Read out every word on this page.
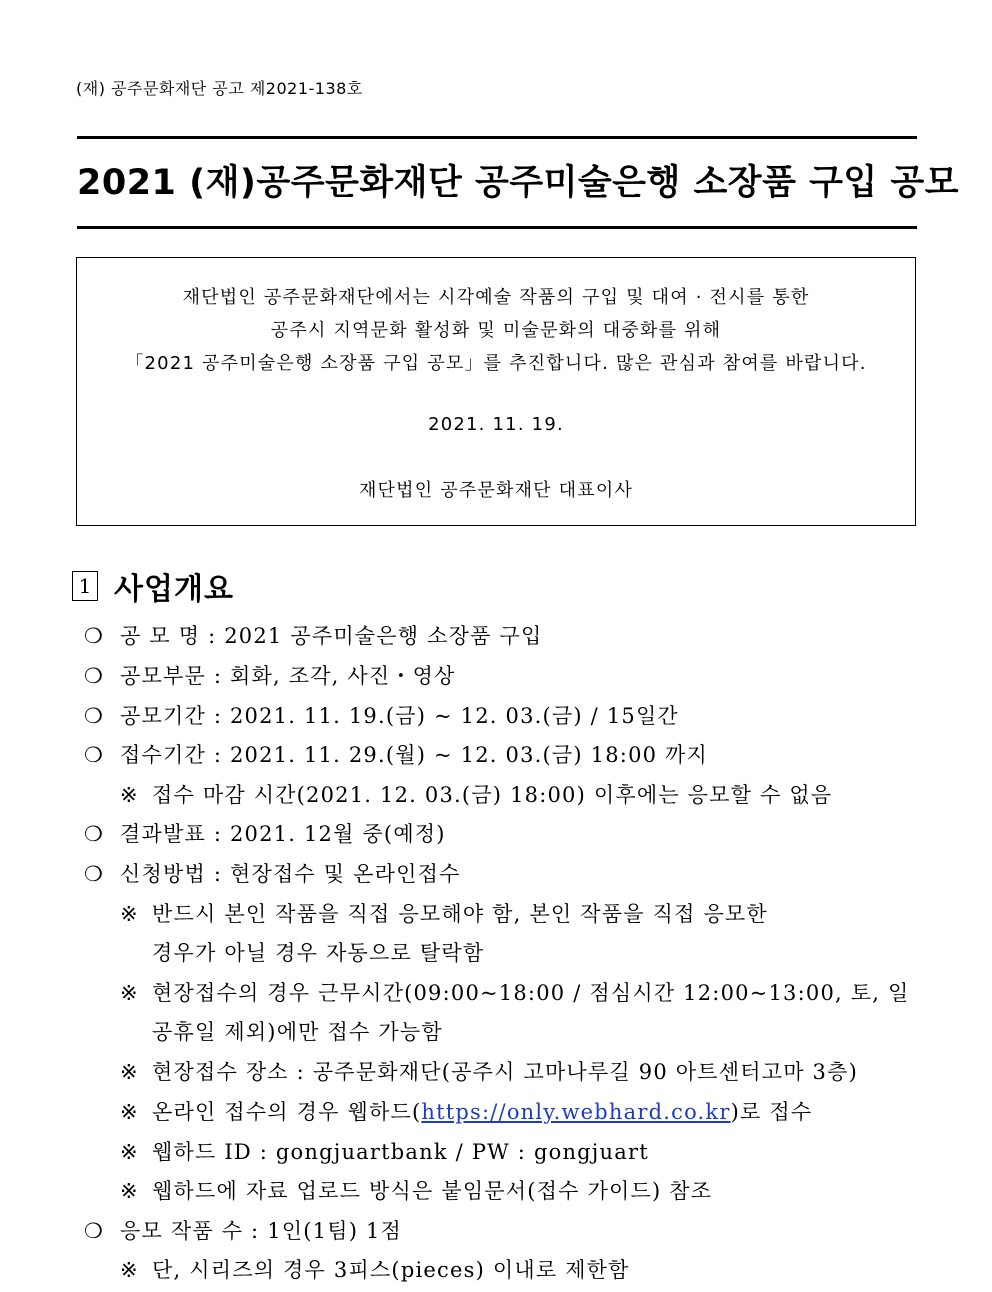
(재) 공주문화재단 공고 제2021-138호
2021 (재)공주문화재단 공주미술은행 소장품 구입 공모
재단법인 공주문화재단에서는 시각예술 작품의 구입 및 대여 · 전시를 통한
공주시 지역문화 활성화 및 미술문화의 대중화를 위해
「2021 공주미술은행 소장품 구입 공모」를 추진합니다. 많은 관심과 참여를 바랍니다.
2021. 11. 19.
재단법인 공주문화재단 대표이사
1 사업개요
❍ 공 모 명 : 2021 공주미술은행 소장품 구입
❍ 공모부문 : 회화, 조각, 사진・영상
❍ 공모기간 : 2021. 11. 19.(금) ~ 12. 03.(금) / 15일간
❍ 접수기간 : 2021. 11. 29.(월) ~ 12. 03.(금) 18:00 까지
※ 접수 마감 시간(2021. 12. 03.(금) 18:00) 이후에는 응모할 수 없음
❍ 결과발표 : 2021. 12월 중(예정)
❍ 신청방법 : 현장접수 및 온라인접수
※ 반드시 본인 작품을 직접 응모해야 함, 본인 작품을 직접 응모한
경우가 아닐 경우 자동으로 탈락함
※ 현장접수의 경우 근무시간(09:00~18:00 / 점심시간 12:00~13:00, 토, 일
공휴일 제외)에만 접수 가능함
※ 현장접수 장소 : 공주문화재단(공주시 고마나루길 90 아트센터고마 3층)
※ 온라인 접수의 경우 웹하드( https://only.webhard.co.kr )로 접수
※ 웹하드 ID : gongjuartbank / PW : gongjuart
※ 웹하드에 자료 업로드 방식은 붙임문서(접수 가이드) 참조
❍ 응모 작품 수 : 1인(1팀) 1점
※ 단, 시리즈의 경우 3피스(pieces) 이내로 제한함
